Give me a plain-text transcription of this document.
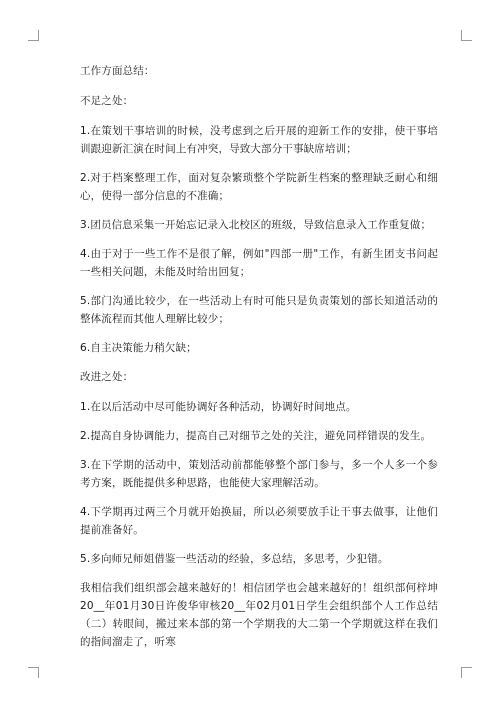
工作方面总结：

不足之处：

1.在策划干事培训的时候，没考虑到之后开展的迎新工作的安排，使干事培训跟迎新汇演在时间上有冲突，导致大部分干事缺席培训；

2.对于档案整理工作，面对复杂繁琐整个学院新生档案的整理缺乏耐心和细心，使得一部分信息的不准确；

3.团员信息采集一开始忘记录入北校区的班级，导致信息录入工作重复做；

4.由于对于一些工作不是很了解，例如"四部一册"工作，有新生团支书问起一些相关问题，未能及时给出回复；

5.部门沟通比较少，在一些活动上有时可能只是负责策划的部长知道活动的整体流程而其他人理解比较少；

6.自主决策能力稍欠缺；

改进之处：

1.在以后活动中尽可能协调好各种活动，协调好时间地点。

2.提高自身协调能力，提高自己对细节之处的关注，避免同样错误的发生。

3.在下学期的活动中，策划活动前都能够整个部门参与，多一个人多一个参考方案，既能提供多种思路，也能使大家理解活动。

4.下学期再过两三个月就开始换届，所以必须要放手让干事去做事，让他们提前准备好。

5.多向师兄师姐借鉴一些活动的经验，多总结，多思考，少犯错。

我相信我们组织部会越来越好的！相信团学也会越来越好的！组织部何梓坤20__年01月30日许俊华审核20__年02月01日学生会组织部个人工作总结（二）转眼间，搬过来本部的第一个学期我的大二第一个学期就这样在我们的指间溜走了，听寒
